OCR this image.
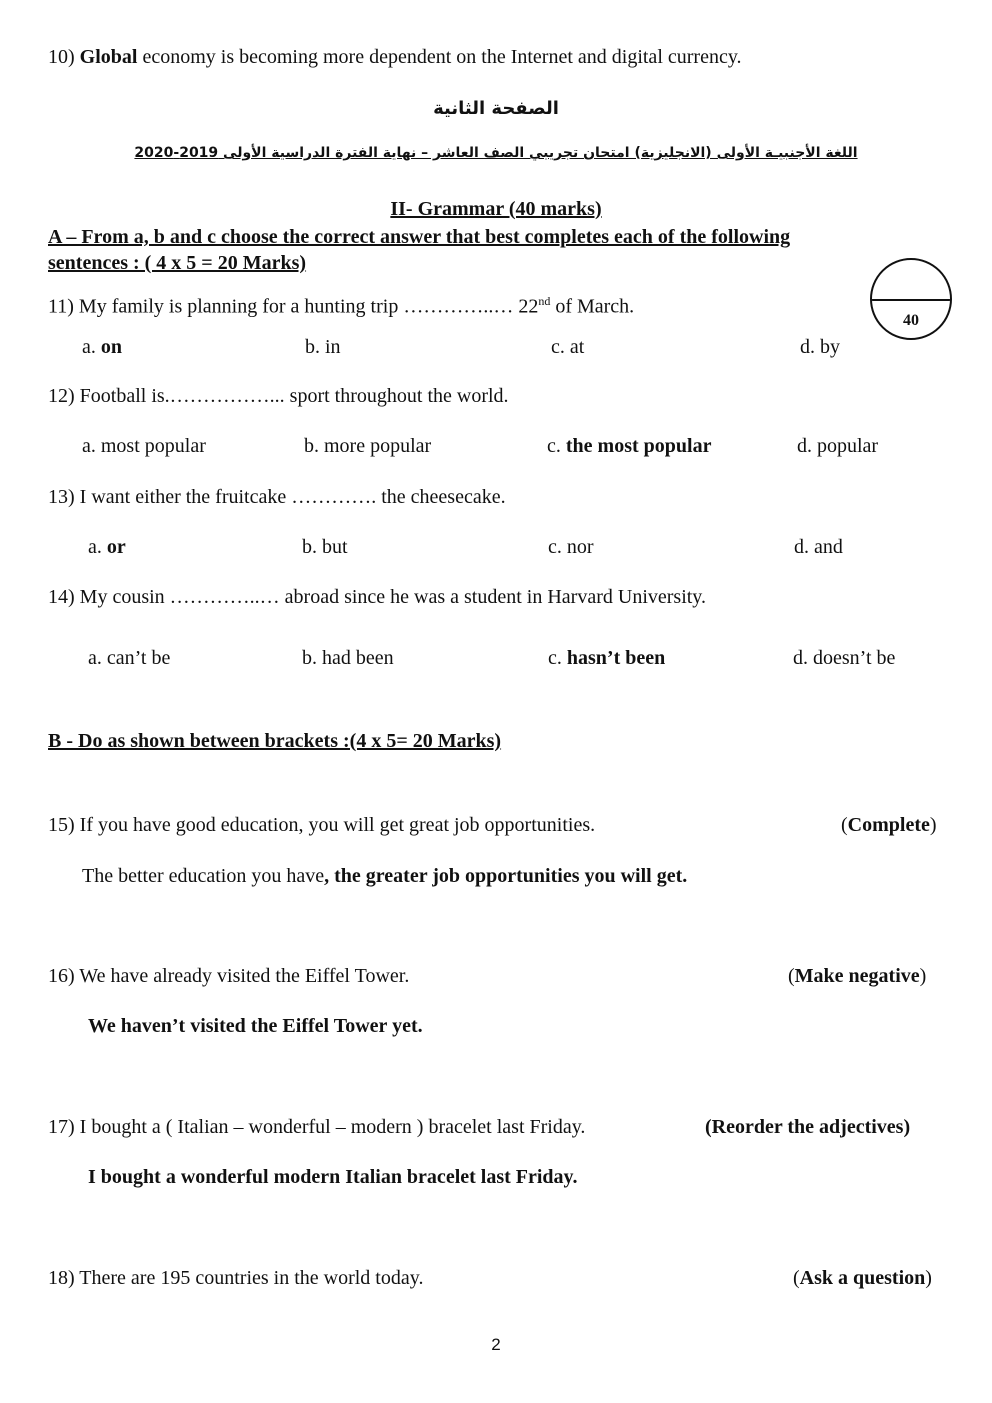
10) Global economy is becoming more dependent on the Internet and digital currency.
الصفحة الثانية
اللغة الأجنبيـة الأولى (الانجليزية) امتحان تجريبي الصف العاشر – نهاية الفترة الدراسية الأولى 2019-2020
II- Grammar (40 marks)
A – From a, b and c choose the correct answer that best completes each of the following
sentences : ( 4 x 5 = 20 Marks)
40
11) My family is planning for a hunting trip …………..… 22nd of March.
a. on	b. in	c. at	d. by
12) Football is.……………... sport throughout the world.
a. most popular	b. more popular	c. the most popular	d. popular
13) I want either the fruitcake …………. the cheesecake.
a. or	b. but	c. nor	d. and
14) My cousin …………..… abroad since he was a student in Harvard University.
a. can’t be	b. had been	c. hasn’t been	d. doesn’t be
B - Do as shown between brackets :(4 x 5= 20 Marks)
15) If you have good education, you will get great job opportunities.	(Complete)
The better education you have, the greater job opportunities you will get.
16) We have already visited the Eiffel Tower.	(Make negative)
We haven’t visited the Eiffel Tower yet.
17) I bought a ( Italian – wonderful – modern ) bracelet last Friday.	(Reorder the adjectives)
I bought a wonderful modern Italian bracelet last Friday.
18) There are 195 countries in the world today.	(Ask a question)
2
